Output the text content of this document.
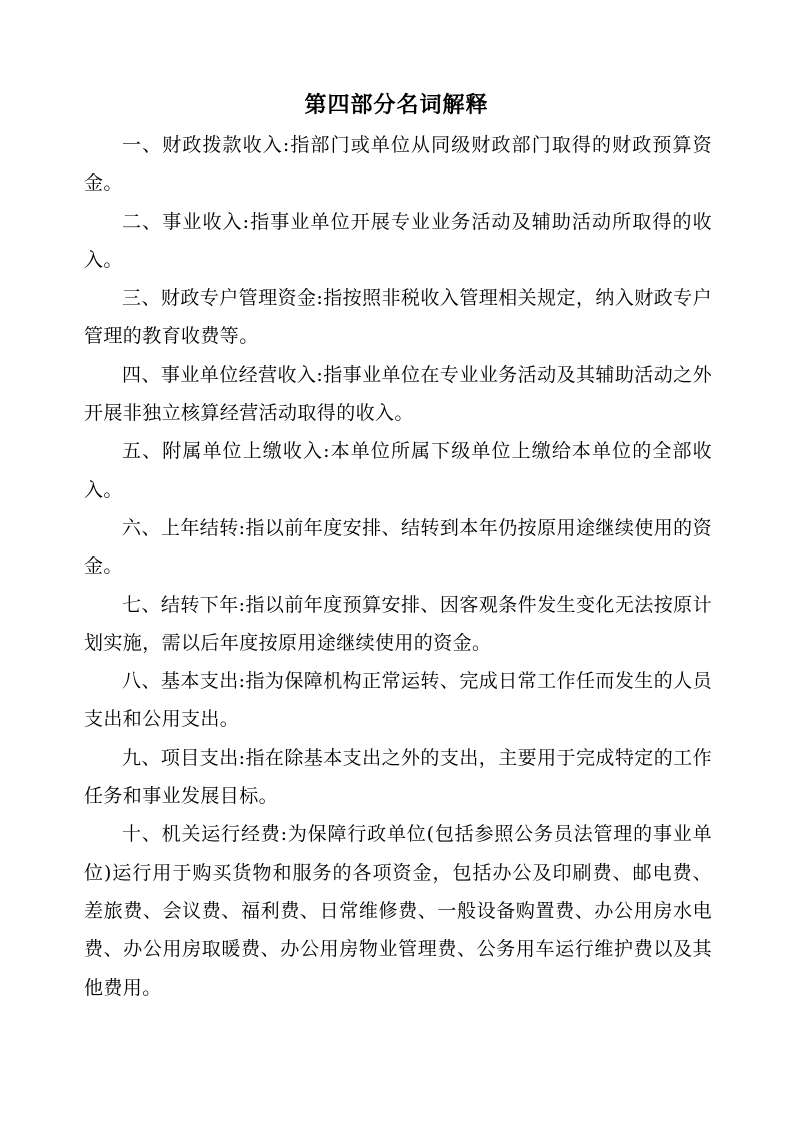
第四部分名词解释

一、财政拨款收入:指部门或单位从同级财政部门取得的财政预算资金。

二、事业收入:指事业单位开展专业业务活动及辅助活动所取得的收入。

三、财政专户管理资金:指按照非税收入管理相关规定，纳入财政专户管理的教育收费等。

四、事业单位经营收入:指事业单位在专业业务活动及其辅助活动之外开展非独立核算经营活动取得的收入。

五、附属单位上缴收入:本单位所属下级单位上缴给本单位的全部收入。

六、上年结转:指以前年度安排、结转到本年仍按原用途继续使用的资金。

七、结转下年:指以前年度预算安排、因客观条件发生变化无法按原计划实施，需以后年度按原用途继续使用的资金。

八、基本支出:指为保障机构正常运转、完成日常工作任而发生的人员支出和公用支出。

九、项目支出:指在除基本支出之外的支出，主要用于完成特定的工作任务和事业发展目标。

十、机关运行经费:为保障行政单位(包括参照公务员法管理的事业单位)运行用于购买货物和服务的各项资金，包括办公及印刷费、邮电费、差旅费、会议费、福利费、日常维修费、一般设备购置费、办公用房水电费、办公用房取暖费、办公用房物业管理费、公务用车运行维护费以及其他费用。
